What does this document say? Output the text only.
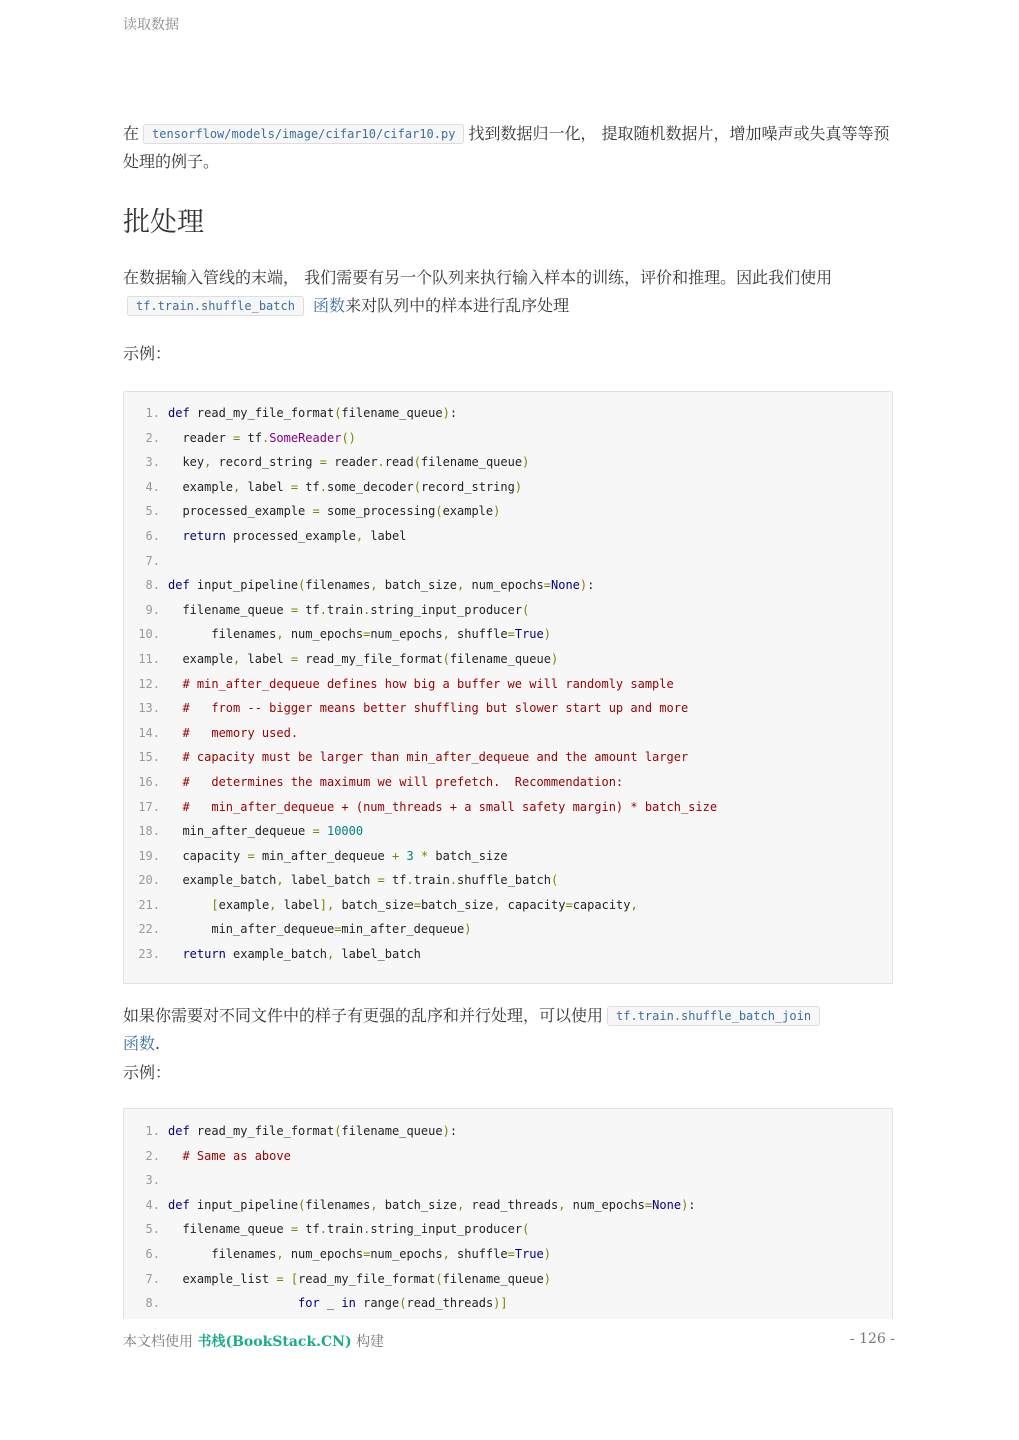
读取数据

在 tensorflow/models/image/cifar10/cifar10.py 找到数据归一化， 提取随机数据片，增加噪声或失真等等预处理的例子。

批处理

在数据输入管线的末端， 我们需要有另一个队列来执行输入样本的训练，评价和推理。因此我们使用tf.train.shuffle_batch 函数来对队列中的样本进行乱序处理

示例：

1. def read_my_file_format(filename_queue):
2.  reader = tf.SomeReader()
3.  key, record_string = reader.read(filename_queue)
4.  example, label = tf.some_decoder(record_string)
5.  processed_example = some_processing(example)
6. return processed_example, label
7.
8. def input_pipeline(filenames, batch_size, num_epochs=None):
9.  filename_queue = tf.train.string_input_producer(
10.      filenames, num_epochs=num_epochs, shuffle=True)
11.  example, label = read_my_file_format(filename_queue)
12. # min_after_dequeue defines how big a buffer we will randomly sample
13. #   from -- bigger means better shuffling but slower start up and more
14. #   memory used.
15. # capacity must be larger than min_after_dequeue and the amount larger
16. #   determines the maximum we will prefetch.  Recommendation:
17. #   min_after_dequeue + (num_threads + a small safety margin) * batch_size
18.  min_after_dequeue = 10000
19.  capacity = min_after_dequeue + 3 * batch_size
20.  example_batch, label_batch = tf.train.shuffle_batch(
21.	[example, label], batch_size=batch_size, capacity=capacity,
22.      min_after_dequeue=min_after_dequeue)
23. return example_batch, label_batch

如果你需要对不同文件中的样子有更强的乱序和并行处理，可以使用 tf.train.shuffle_batch_join
函数.

示例：

1. def read_my_file_format(filename_queue):
2. # Same as above
3.
4. def input_pipeline(filenames, batch_size, read_threads, num_epochs=None):
5.  filename_queue = tf.train.string_input_producer(
6.      filenames, num_epochs=num_epochs, shuffle=True)
7.  example_list = [read_my_file_format(filename_queue)
8.	for _ in range(read_threads)]
本文档使用 书栈(BookStack.CN) 构建	- 126 -
